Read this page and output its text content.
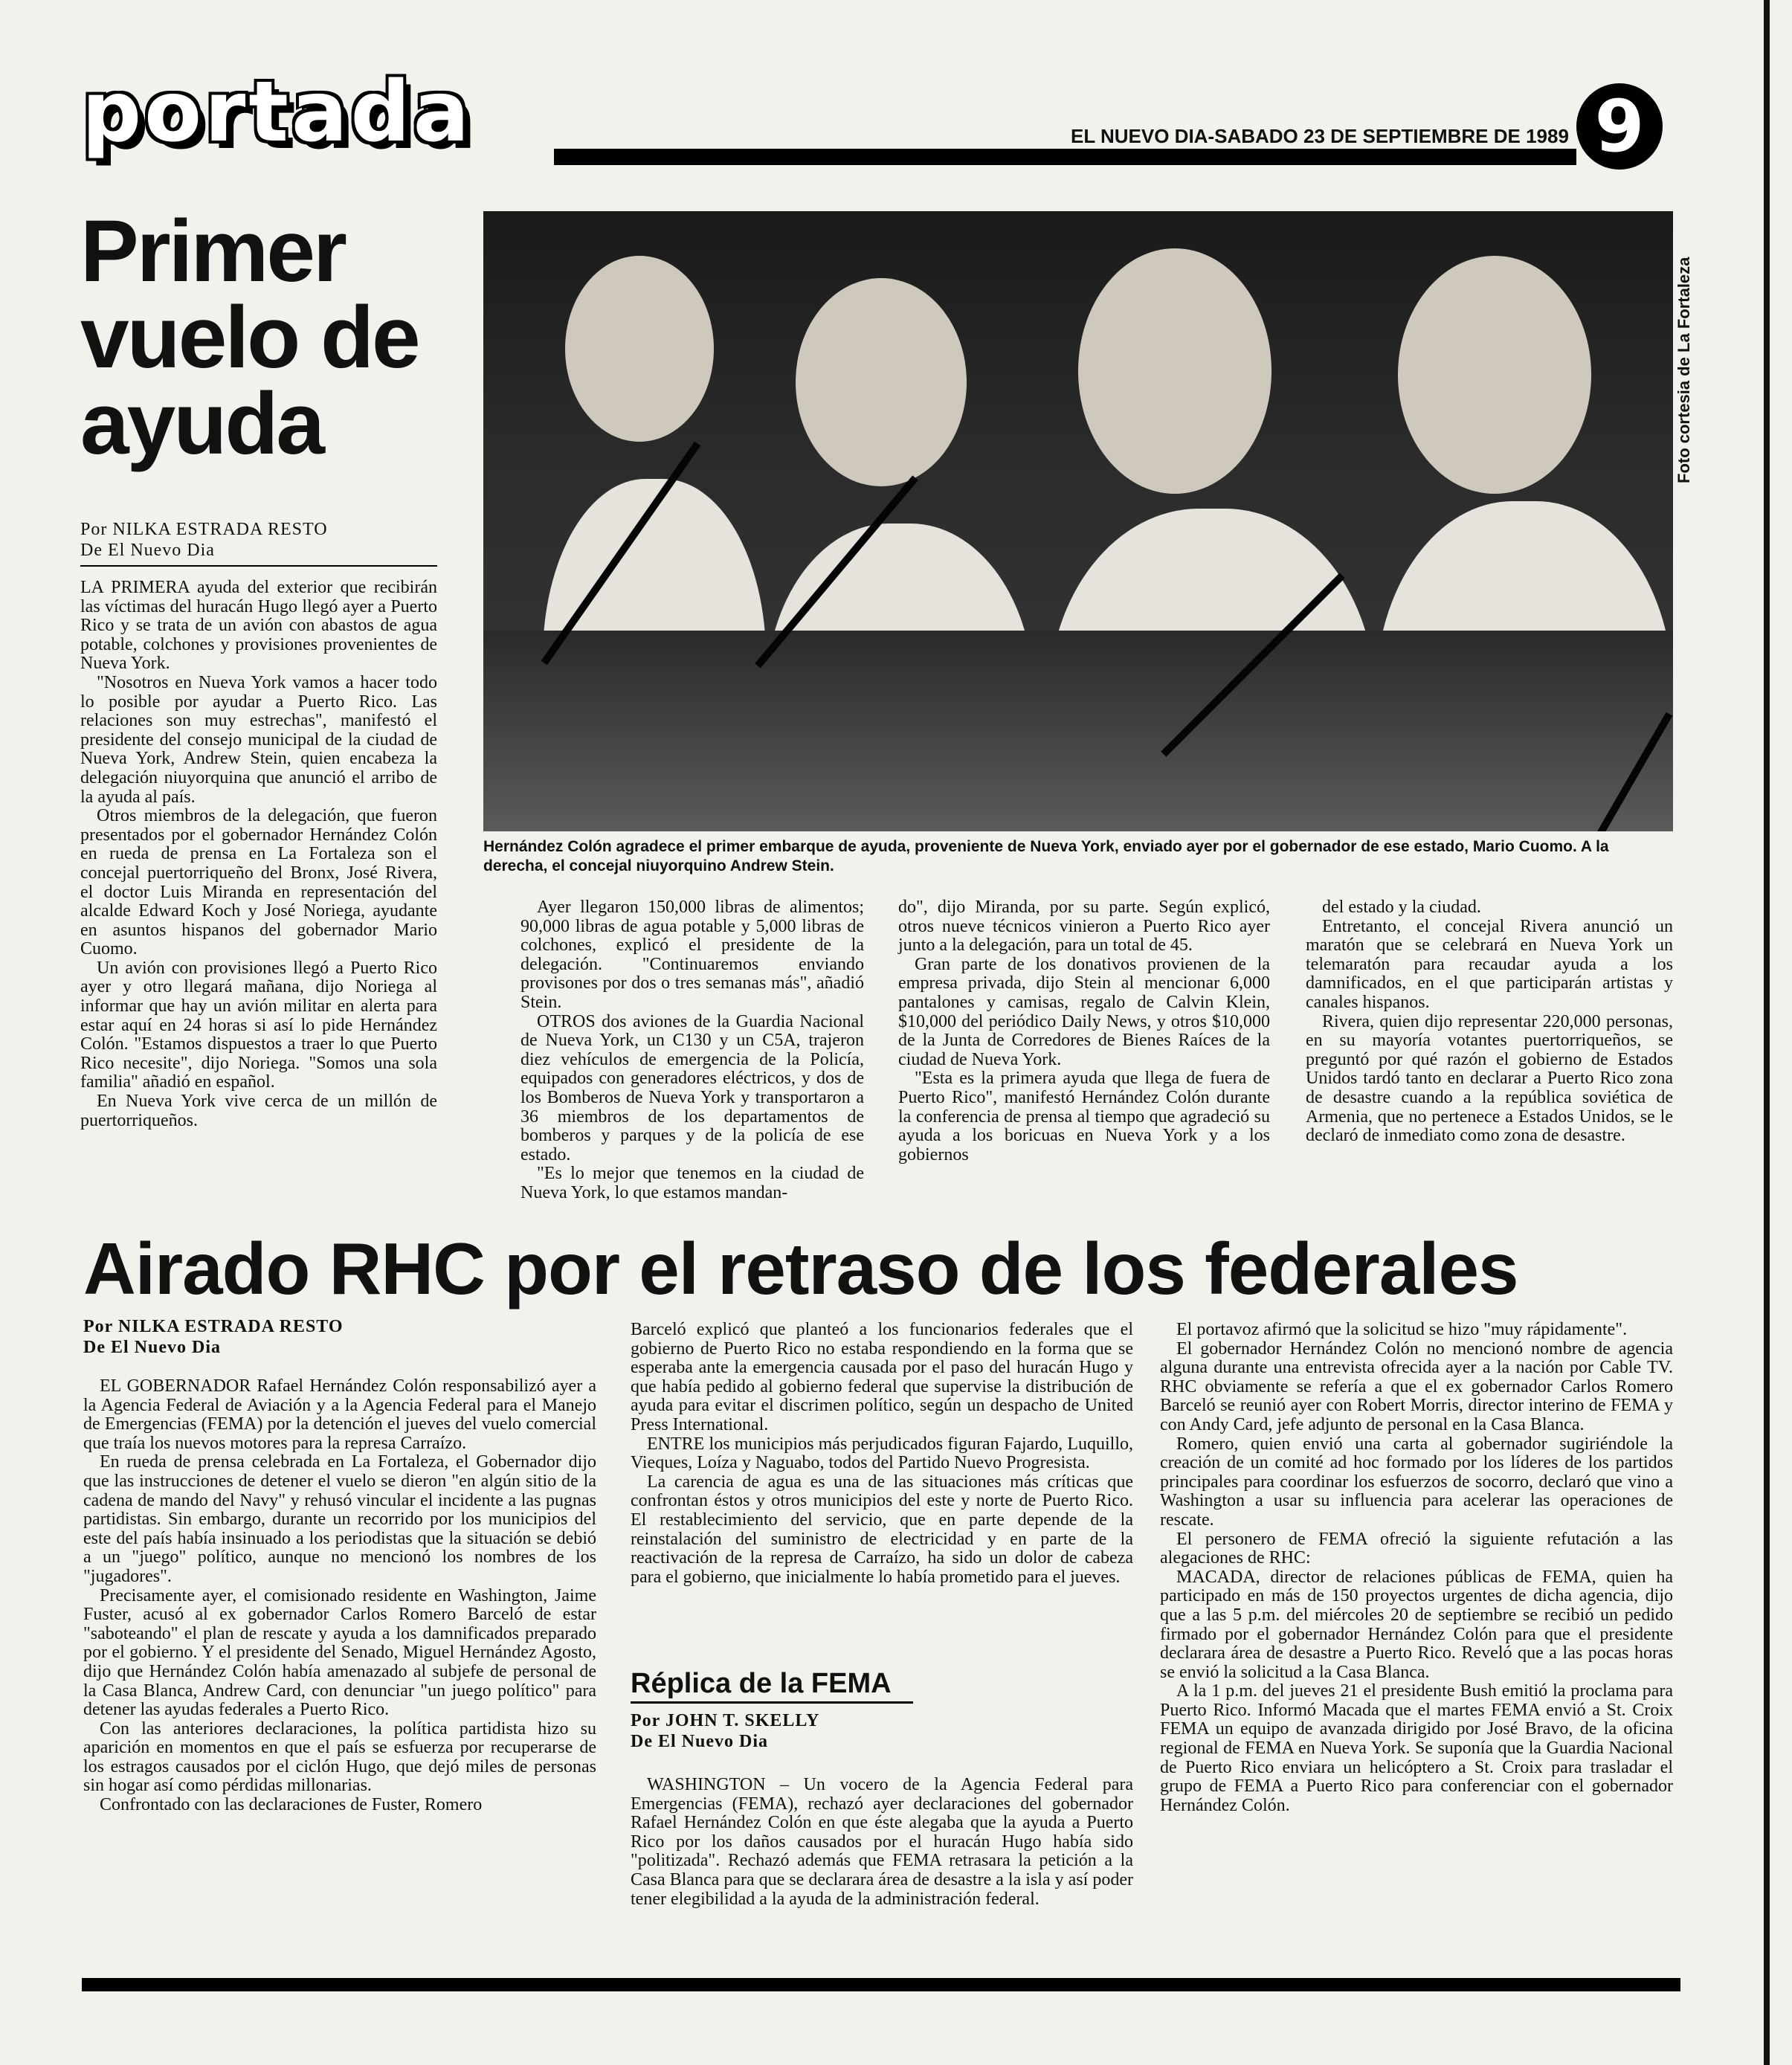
portada	EL NUEVO DIA-SABADO 23 DE SEPTIEMBRE DE 1989 9
Primer vuelo de ayuda
Por NILKA ESTRADA RESTO
De El Nuevo Dia

LA PRIMERA ayuda del exterior que recibirán las víctimas del huracán Hugo llegó ayer a Puerto Rico y se trata de un avión con abastos de agua potable, colchones y provisiones provenientes de Nueva York.

"Nosotros en Nueva York vamos a hacer todo lo posible por ayudar a Puerto Rico. Las relaciones son muy estrechas", manifestó el presidente del consejo municipal de la ciudad de Nueva York, Andrew Stein, quien encabeza la delegación niuyorquina que anunció el arribo de la ayuda al país.

Otros miembros de la delegación, que fueron presentados por el gobernador Hernández Colón en rueda de prensa en La Fortaleza son el concejal puertorriqueño del Bronx, José Rivera, el doctor Luis Miranda en representación del alcalde Edward Koch y José Noriega, ayudante en asuntos hispanos del gobernador Mario Cuomo.

Un avión con provisiones llegó a Puerto Rico ayer y otro llegará mañana, dijo Noriega al informar que hay un avión militar en alerta para estar aquí en 24 horas si así lo pide Hernández Colón. "Estamos dispuestos a traer lo que Puerto Rico necesite", dijo Noriega. "Somos una sola familia" añadió en español.

En Nueva York vive cerca de un millón de puertorriqueños.

Foto cortesia de La Fortaleza
Hernández Colón agradece el primer embarque de ayuda, proveniente de Nueva York, enviado ayer por el gobernador de ese estado, Mario Cuomo. A la derecha, el concejal niuyorquino Andrew Stein.

Ayer llegaron 150,000 libras de alimentos; 90,000 libras de agua potable y 5,000 libras de colchones, explicó el presidente de la delegación. "Continuaremos enviando provisones por dos o tres semanas más", añadió Stein.

OTROS dos aviones de la Guardia Nacional de Nueva York, un C130 y un C5A, trajeron diez vehículos de emergencia de la Policía, equipados con generadores eléctricos, y dos de los Bomberos de Nueva York y transportaron a 36 miembros de los departamentos de bomberos y parques y de la policía de ese estado.

"Es lo mejor que tenemos en la ciudad de Nueva York, lo que estamos mandan-

do", dijo Miranda, por su parte. Según explicó, otros nueve técnicos vinieron a Puerto Rico ayer junto a la delegación, para un total de 45.

Gran parte de los donativos provienen de la empresa privada, dijo Stein al mencionar 6,000 pantalones y camisas, regalo de Calvin Klein, $10,000 del periódico Daily News, y otros $10,000 de la Junta de Corredores de Bienes Raíces de la ciudad de Nueva York.

"Esta es la primera ayuda que llega de fuera de Puerto Rico", manifestó Hernández Colón durante la conferencia de prensa al tiempo que agradeció su ayuda a los boricuas en Nueva York y a los gobiernos

del estado y la ciudad.

Entretanto, el concejal Rivera anunció un maratón que se celebrará en Nueva York un telemaratón para recaudar ayuda a los damnificados, en el que participarán artistas y canales hispanos.

Rivera, quien dijo representar 220,000 personas, en su mayoría votantes puertorriqueños, se preguntó por qué razón el gobierno de Estados Unidos tardó tanto en declarar a Puerto Rico zona de desastre cuando a la república soviética de Armenia, que no pertenece a Estados Unidos, se le declaró de inmediato como zona de desastre.

Airado RHC por el retraso de los federales
Por NILKA ESTRADA RESTO
De El Nuevo Dia

EL GOBERNADOR Rafael Hernández Colón responsabilizó ayer a la Agencia Federal de Aviación y a la Agencia Federal para el Manejo de Emergencias (FEMA) por la detención el jueves del vuelo comercial que traía los nuevos motores para la represa Carraízo.

En rueda de prensa celebrada en La Fortaleza, el Gobernador dijo que las instrucciones de detener el vuelo se dieron "en algún sitio de la cadena de mando del Navy" y rehusó vincular el incidente a las pugnas partidistas. Sin embargo, durante un recorrido por los municipios del este del país había insinuado a los periodistas que la situación se debió a un "juego" político, aunque no mencionó los nombres de los "jugadores".

Precisamente ayer, el comisionado residente en Washington, Jaime Fuster, acusó al ex gobernador Carlos Romero Barceló de estar "saboteando" el plan de rescate y ayuda a los damnificados preparado por el gobierno. Y el presidente del Senado, Miguel Hernández Agosto, dijo que Hernández Colón había amenazado al subjefe de personal de la Casa Blanca, Andrew Card, con denunciar "un juego político" para detener las ayudas federales a Puerto Rico.

Con las anteriores declaraciones, la política partidista hizo su aparición en momentos en que el país se esfuerza por recuperarse de los estragos causados por el ciclón Hugo, que dejó miles de personas sin hogar así como pérdidas millonarias.

Confrontado con las declaraciones de Fuster, Romero

Barceló explicó que planteó a los funcionarios federales que el gobierno de Puerto Rico no estaba respondiendo en la forma que se esperaba ante la emergencia causada por el paso del huracán Hugo y que había pedido al gobierno federal que supervise la distribución de ayuda para evitar el discrimen político, según un despacho de United Press International.

ENTRE los municipios más perjudicados figuran Fajardo, Luquillo, Vieques, Loíza y Naguabo, todos del Partido Nuevo Progresista.

La carencia de agua es una de las situaciones más críticas que confrontan éstos y otros municipios del este y norte de Puerto Rico. El restablecimiento del servicio, que en parte depende de la reinstalación del suministro de electricidad y en parte de la reactivación de la represa de Carraízo, ha sido un dolor de cabeza para el gobierno, que inicialmente lo había prometido para el jueves.

Réplica de la FEMA
Por JOHN T. SKELLY
De El Nuevo Dia

WASHINGTON – Un vocero de la Agencia Federal para Emergencias (FEMA), rechazó ayer declaraciones del gobernador Rafael Hernández Colón en que éste alegaba que la ayuda a Puerto Rico por los daños causados por el huracán Hugo había sido "politizada". Rechazó además que FEMA retrasara la petición a la Casa Blanca para que se declarara área de desastre a la isla y así poder tener elegibilidad a la ayuda de la administración federal.

El portavoz afirmó que la solicitud se hizo "muy rápidamente".

El gobernador Hernández Colón no mencionó nombre de agencia alguna durante una entrevista ofrecida ayer a la nación por Cable TV. RHC obviamente se refería a que el ex gobernador Carlos Romero Barceló se reunió ayer con Robert Morris, director interino de FEMA y con Andy Card, jefe adjunto de personal en la Casa Blanca.

Romero, quien envió una carta al gobernador sugiriéndole la creación de un comité ad hoc formado por los líderes de los partidos principales para coordinar los esfuerzos de socorro, declaró que vino a Washington a usar su influencia para acelerar las operaciones de rescate.

El personero de FEMA ofreció la siguiente refutación a las alegaciones de RHC:

MACADA, director de relaciones públicas de FEMA, quien ha participado en más de 150 proyectos urgentes de dicha agencia, dijo que a las 5 p.m. del miércoles 20 de septiembre se recibió un pedido firmado por el gobernador Hernández Colón para que el presidente declarara área de desastre a Puerto Rico. Reveló que a las pocas horas se envió la solicitud a la Casa Blanca.

A la 1 p.m. del jueves 21 el presidente Bush emitió la proclama para Puerto Rico. Informó Macada que el martes FEMA envió a St. Croix FEMA un equipo de avanzada dirigido por José Bravo, de la oficina regional de FEMA en Nueva York. Se suponía que la Guardia Nacional de Puerto Rico enviara un helicóptero a St. Croix para trasladar el grupo de FEMA a Puerto Rico para conferenciar con el gobernador Hernández Colón.
